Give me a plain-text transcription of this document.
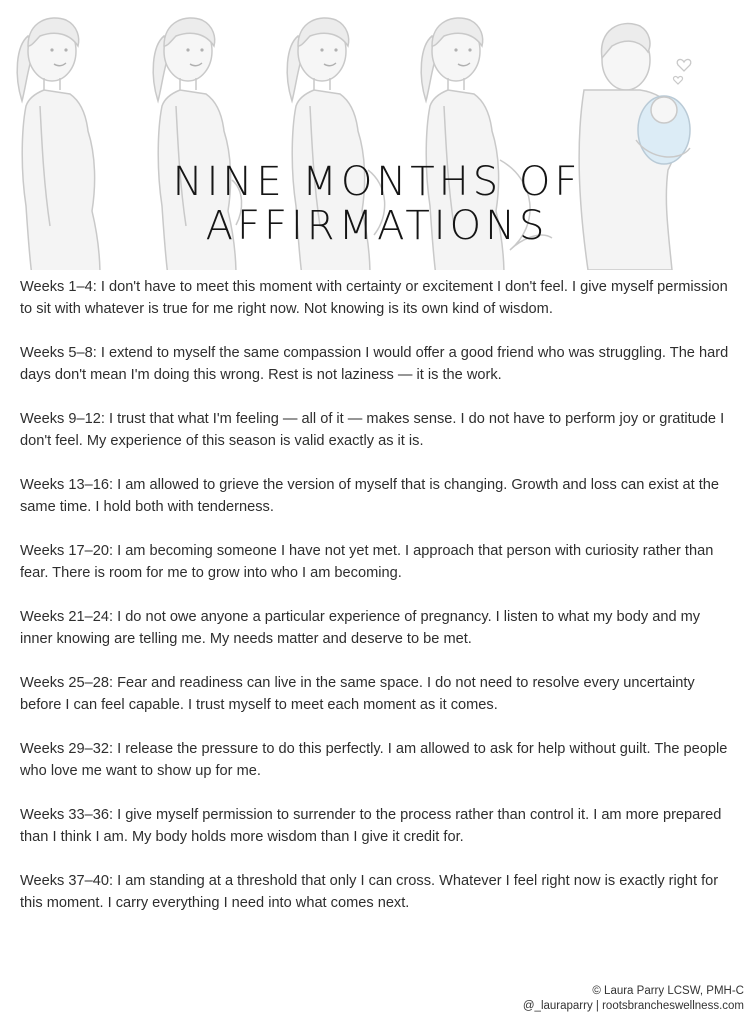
NINE MONTHS OF
AFFIRMATIONS

Weeks 1–4: I don't have to meet this moment with certainty or excitement I don't feel. I give myself permission to sit with whatever is true for me right now. Not knowing is its own kind of wisdom.

Weeks 5–8: I extend to myself the same compassion I would offer a good friend who was struggling. The hard days don't mean I'm doing this wrong. Rest is not laziness — it is the work.

Weeks 9–12: I trust that what I'm feeling — all of it — makes sense. I do not have to perform joy or gratitude I don't feel. My experience of this season is valid exactly as it is.

Weeks 13–16: I am allowed to grieve the version of myself that is changing. Growth and loss can exist at the same time. I hold both with tenderness.

Weeks 17–20: I am becoming someone I have not yet met. I approach that person with curiosity rather than fear. There is room for me to grow into who I am becoming.

Weeks 21–24: I do not owe anyone a particular experience of pregnancy. I listen to what my body and my inner knowing are telling me. My needs matter and deserve to be met.

Weeks 25–28: Fear and readiness can live in the same space. I do not need to resolve every uncertainty before I can feel capable. I trust myself to meet each moment as it comes.

Weeks 29–32: I release the pressure to do this perfectly. I am allowed to ask for help without guilt. The people who love me want to show up for me.

Weeks 33–36: I give myself permission to surrender to the process rather than control it. I am more prepared than I think I am. My body holds more wisdom than I give it credit for.

Weeks 37–40: I am standing at a threshold that only I can cross. Whatever I feel right now is exactly right for this moment. I carry everything I need into what comes next.

© Laura Parry LCSW, PMH-C
@_lauraparry | rootsbrancheswellness.com
